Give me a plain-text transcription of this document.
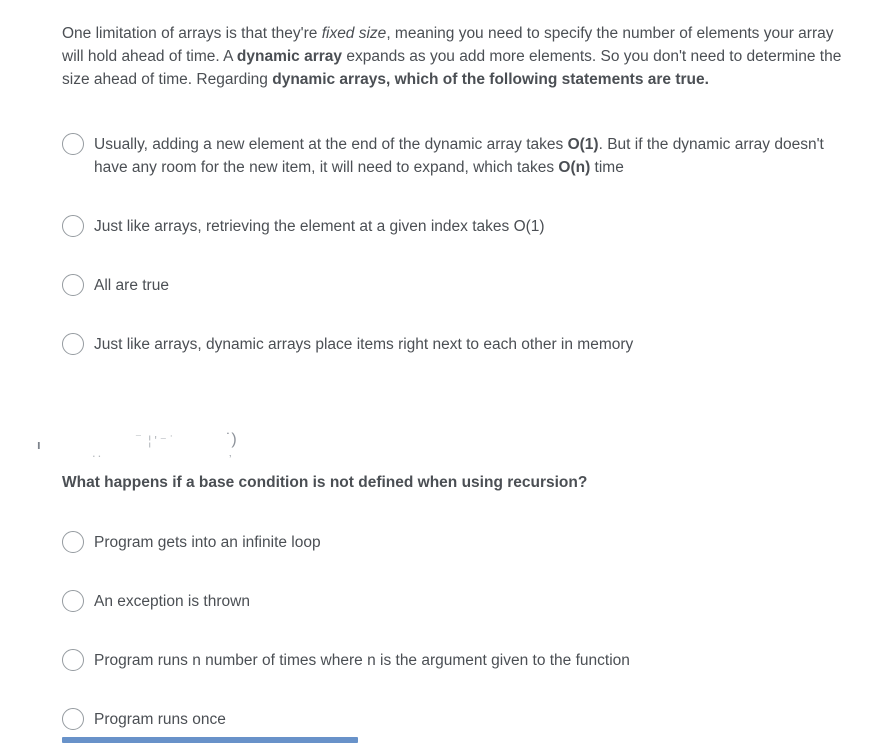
One limitation of arrays is that they're fixed size, meaning you need to specify the number of elements your array will hold ahead of time. A dynamic array expands as you add more elements. So you don't need to determine the size ahead of time. Regarding dynamic arrays, which of the following statements are true.

Usually, adding a new element at the end of the dynamic array takes O(1). But if the dynamic array doesn't have any room for the new item, it will need to expand, which takes O(n) time
Just like arrays, retrieving the element at a given index takes O(1)
All are true
Just like arrays, dynamic arrays place items right next to each other in memory
ı
..
⁻ ¦'⁻˙	˙)
‚
What happens if a base condition is not defined when using recursion?
Program gets into an infinite loop
An exception is thrown
Program runs n number of times where n is the argument given to the function
Program runs once
